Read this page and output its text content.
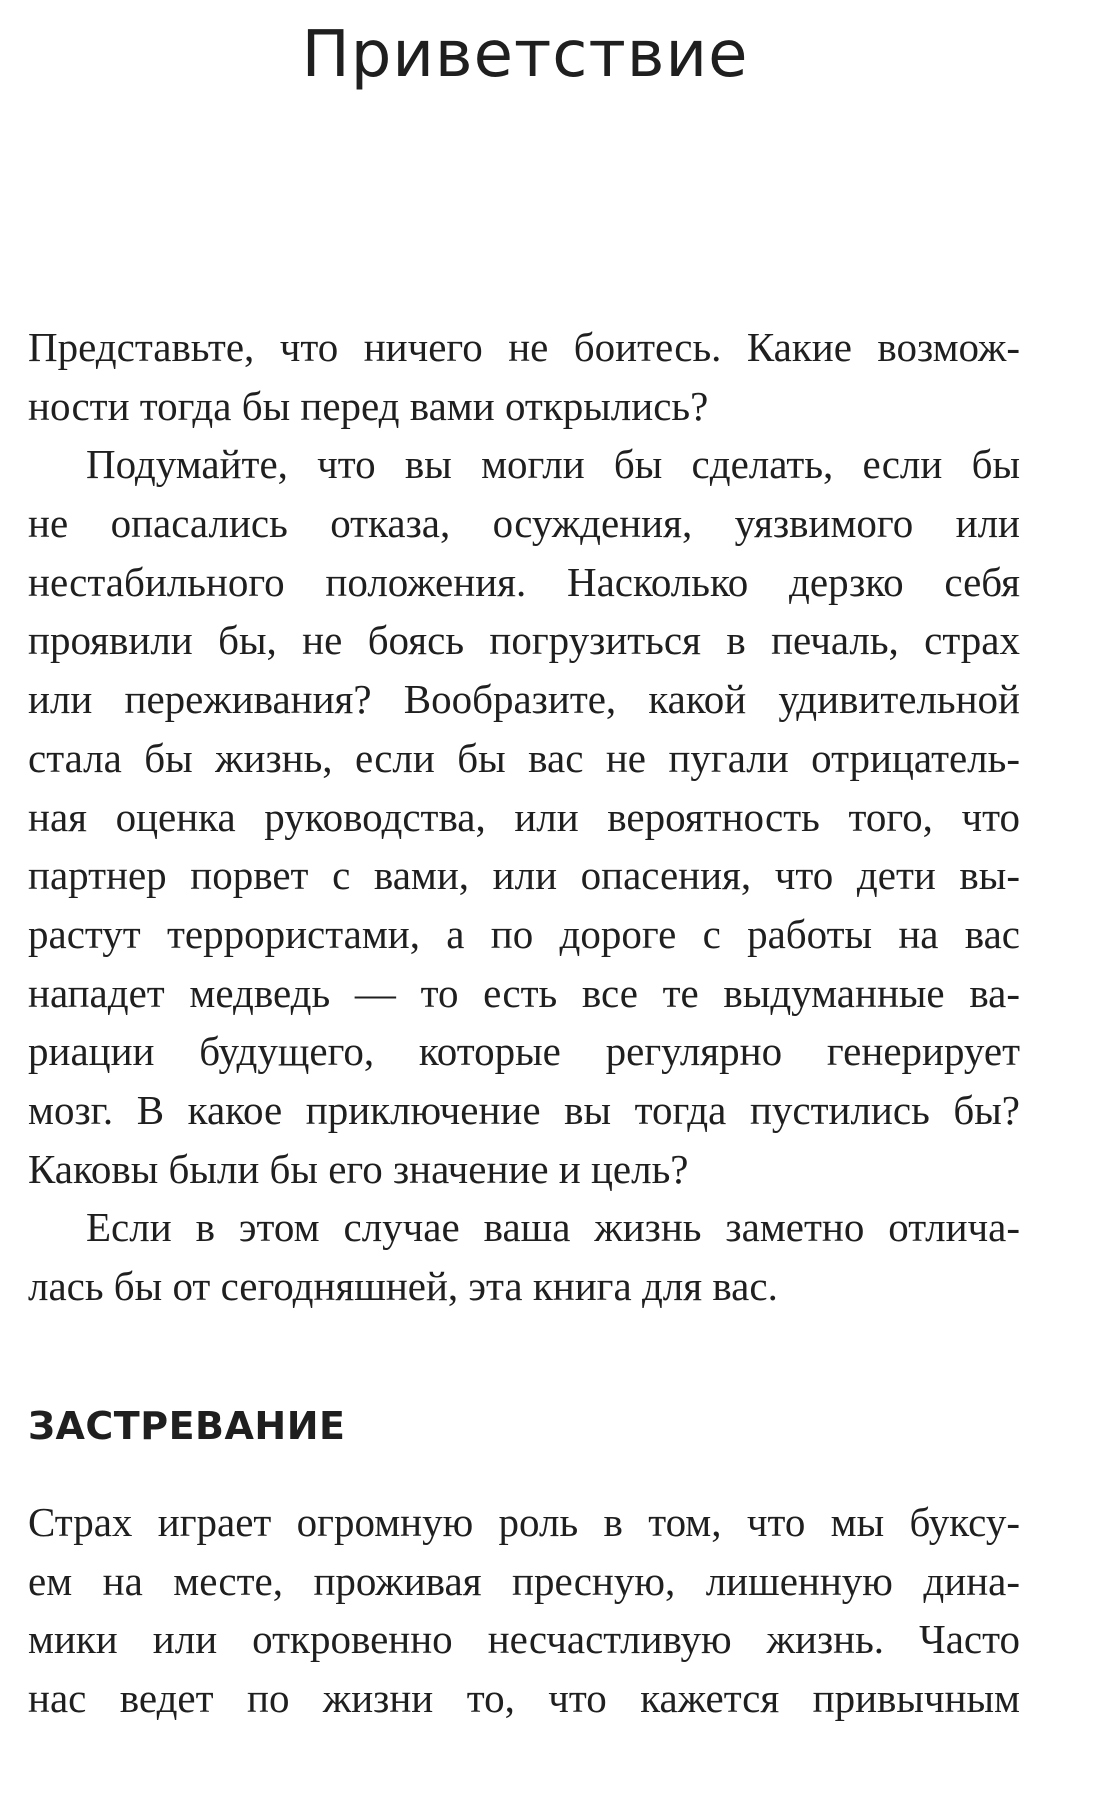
Приветствие
Представьте, что ничего не боитесь. Какие возмож-
ности тогда бы перед вами открылись?
Подумайте, что вы могли бы сделать, если бы
не опасались отказа, осуждения, уязвимого или
нестабильного положения. Насколько дерзко себя
проявили бы, не боясь погрузиться в печаль, страх
или переживания? Вообразите, какой удивительной
стала бы жизнь, если бы вас не пугали отрицатель-
ная оценка руководства, или вероятность того, что
партнер порвет с вами, или опасения, что дети вы-
растут террористами, а по дороге с работы на вас
нападет медведь — то есть все те выдуманные ва-
риации будущего, которые регулярно генерирует
мозг. В какое приключение вы тогда пустились бы?
Каковы были бы его значение и цель?
Если в этом случае ваша жизнь заметно отлича-
лась бы от сегодняшней, эта книга для вас.
ЗАСТРЕВАНИЕ
Страх играет огромную роль в том, что мы буксу-
ем на месте, проживая пресную, лишенную дина-
мики или откровенно несчастливую жизнь. Часто
нас ведет по жизни то, что кажется привычным
